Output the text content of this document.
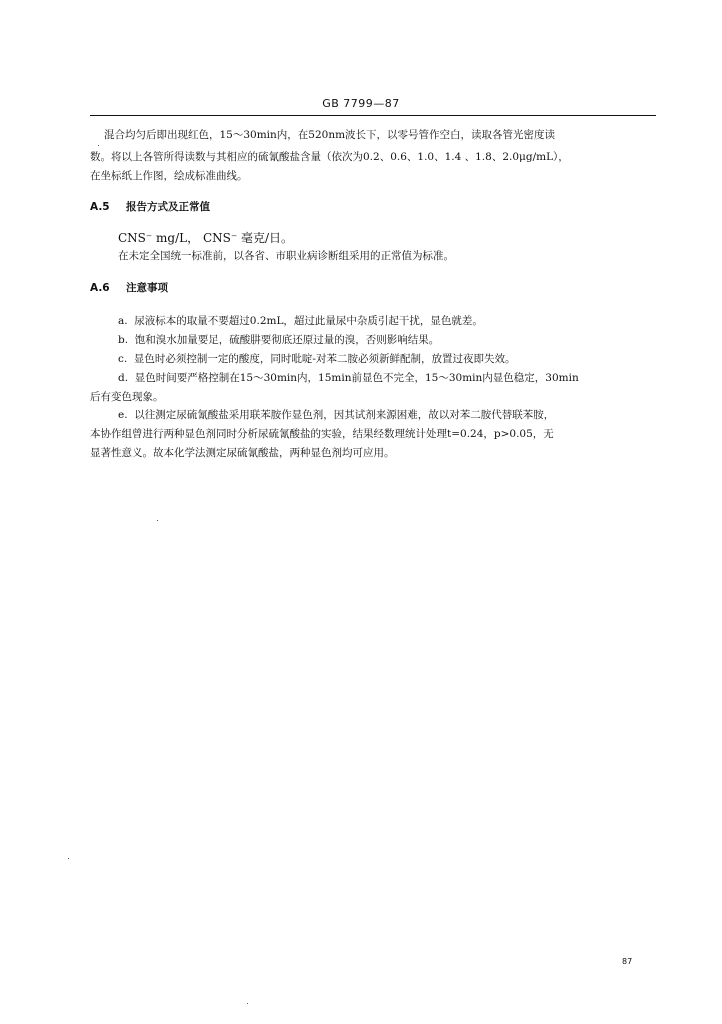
GB 7799—87
混合均匀后即出现红色，15～30min内，在520nm波长下，以零号管作空白，读取各管光密度读
数。将以上各管所得读数与其相应的硫氰酸盐含量（依次为0.2、0.6、1.0、1.4 、1.8、2.0μg/mL），
在坐标纸上作图，绘成标准曲线。
A.5 报告方式及正常值
CNS⁻ mg/L， CNS⁻ 毫克/日。
在未定全国统一标准前，以各省、市职业病诊断组采用的正常值为标准。
A.6 注意事项
a. 尿液标本的取量不要超过0.2mL，超过此量尿中杂质引起干扰，显色就差。
b. 饱和溴水加量要足，硫酸肼要彻底还原过量的溴，否则影响结果。
c. 显色时必须控制一定的酸度，同时吡啶-对苯二胺必须新鲜配制，放置过夜即失效。
d. 显色时间要严格控制在15～30min内，15min前显色不完全，15～30min内显色稳定，30min
后有变色现象。
e. 以往测定尿硫氰酸盐采用联苯胺作显色剂，因其试剂来源困难，故以对苯二胺代替联苯胺，
本协作组曾进行两种显色剂同时分析尿硫氰酸盐的实验，结果经数理统计处理t=0.24，p>0.05，无
显著性意义。故本化学法测定尿硫氰酸盐，两种显色剂均可应用。
87
